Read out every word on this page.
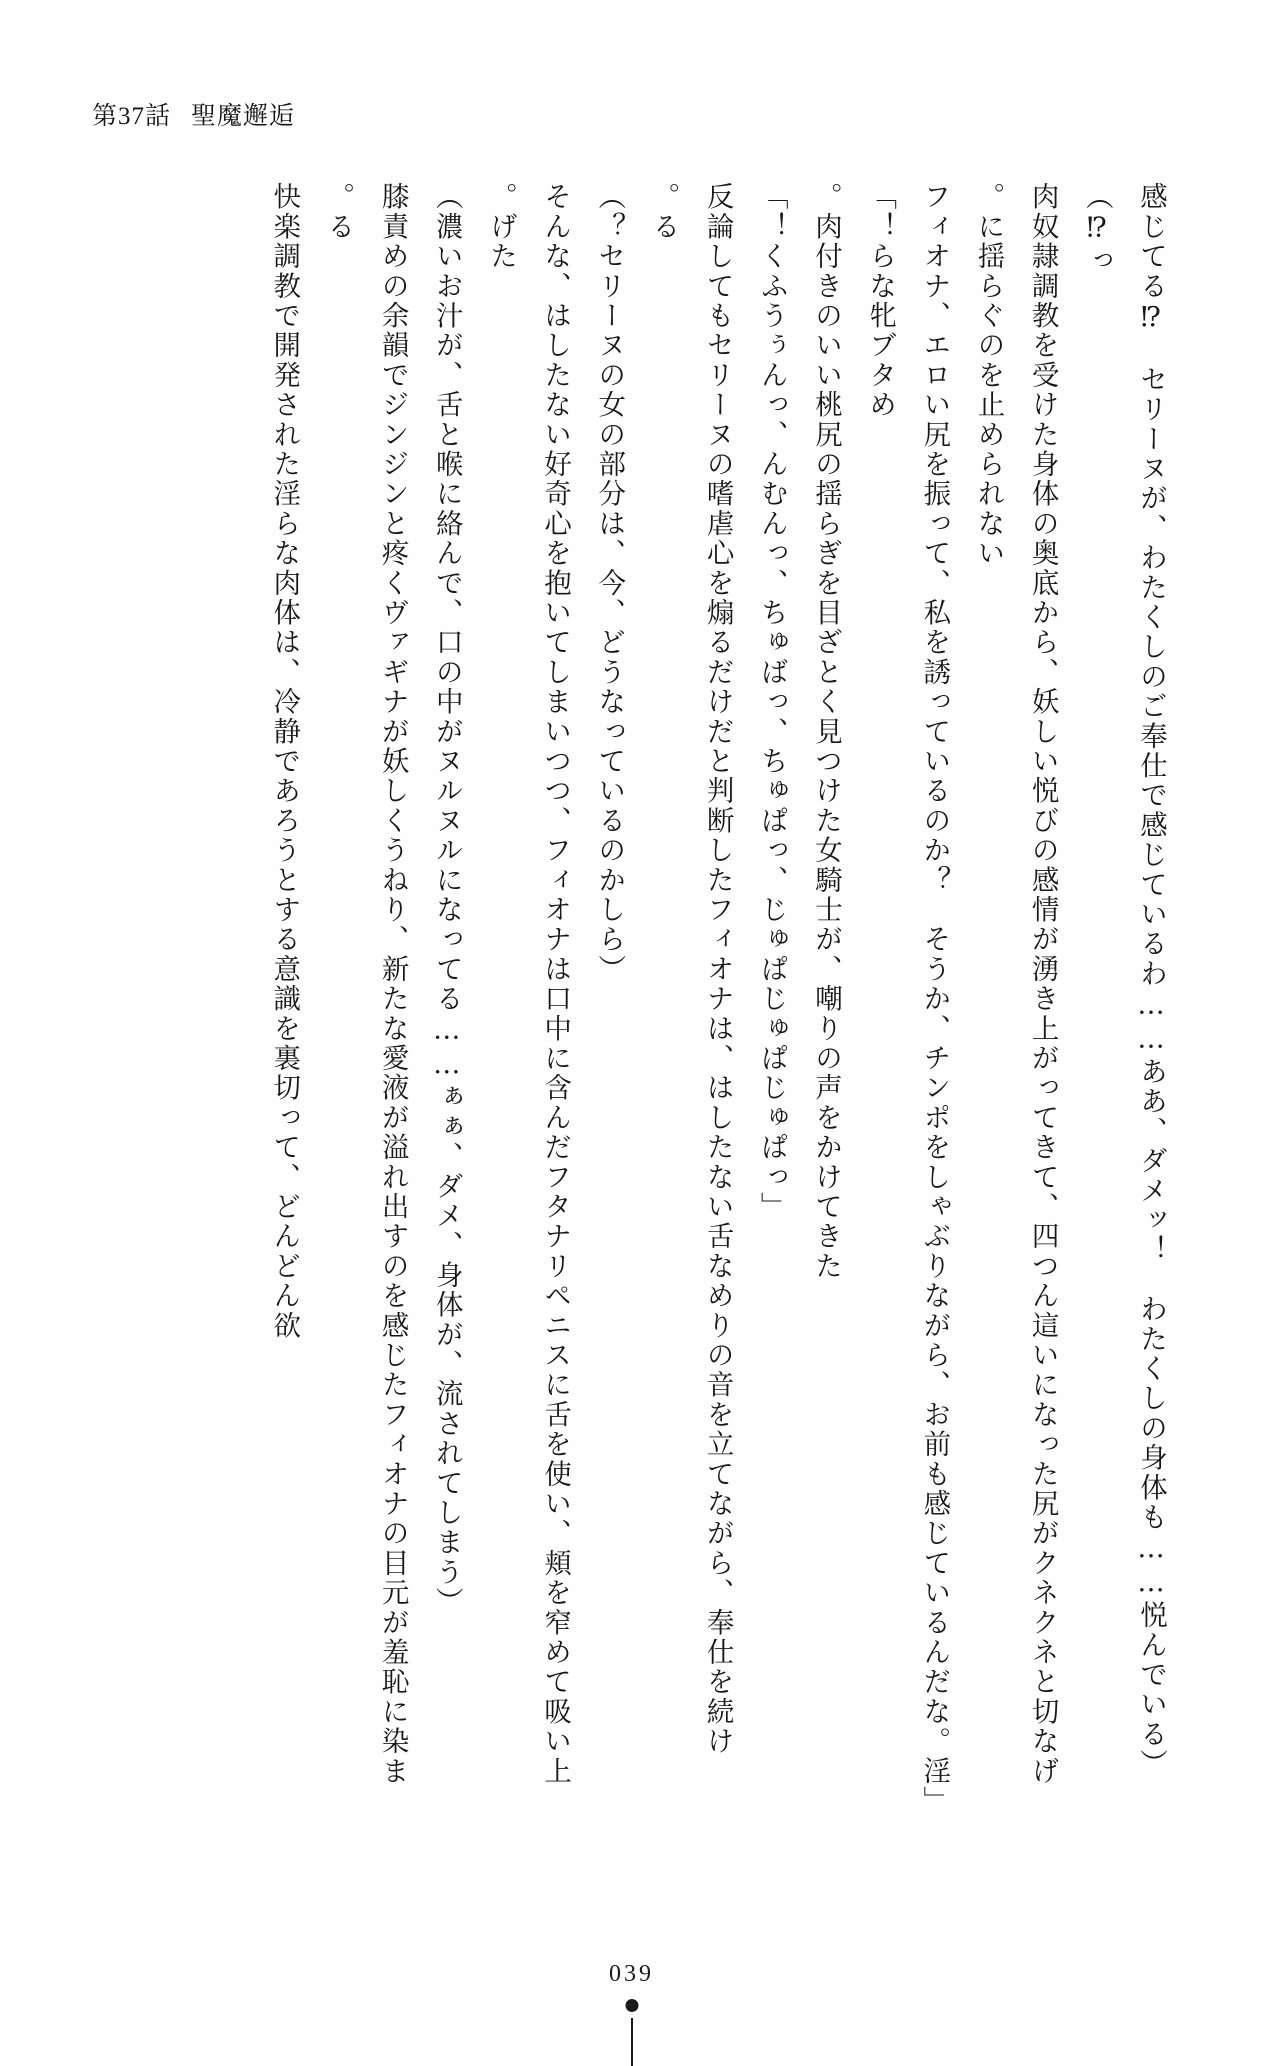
第37話 聖魔邂逅

（感じてる⁉　セリーヌが、わたくしのご奉仕で感じているわ……ああ、ダメッ！　わたくしの身体も……悦んでいるっ⁉）

肉奴隷調教を受けた身体の奥底から、妖しい悦びの感情が湧き上がってきて、四つん這いになった尻がクネクネと切なげに揺らぐのを止められない。

「フィオナ、エロい尻を振って、私を誘っているのか？　そうか、チンポをしゃぶりながら、お前も感じているんだな。淫らな牝ブタめ！」

肉付きのいい桃尻の揺らぎを目ざとく見つけた女騎士が、嘲りの声をかけてきた。

「くふうぅんっ、んむんっ、ちゅばっ、ちゅぱっ、じゅぱじゅぱじゅぱっ！」

反論してもセリーヌの嗜虐心を煽るだけだと判断したフィオナは、はしたない舌なめりの音を立てながら、奉仕を続ける。

（セリーヌの女の部分は、今、どうなっているのかしら？）

そんな、はしたない好奇心を抱いてしまいつつ、フィオナは口中に含んだフタナリペニスに舌を使い、頬を窄めて吸い上げた。

（濃いお汁が、舌と喉に絡んで、口の中がヌルヌルになってる……ぁぁ、ダメ、身体が、流されてしまう）

膝責めの余韻でジンジンと疼くヴァギナが妖しくうねり、新たな愛液が溢れ出すのを感じたフィオナの目元が羞恥に染まる。

快楽調教で開発された淫らな肉体は、冷静であろうとする意識を裏切って、どんどん欲

039
